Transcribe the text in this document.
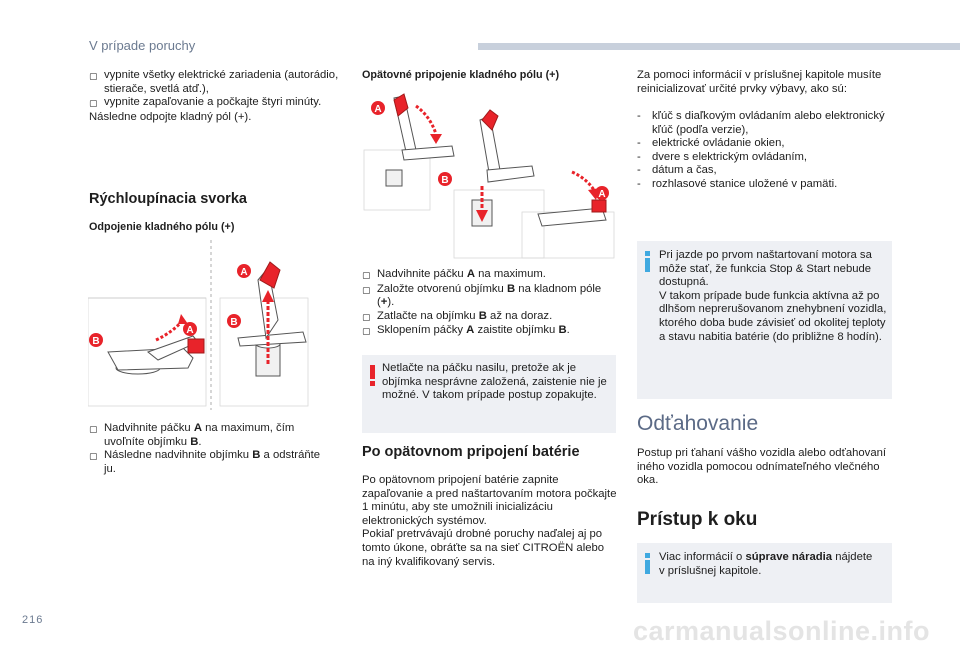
V prípade poruchy
▢ vypnite všetky elektrické zariadenia (autorádio, stierače, svetlá atď.),
▢ vypnite zapaľovanie a počkajte štyri minúty.
Následne odpojte kladný pól (+).
Rýchloupínacia svorka
Odpojenie kladného pólu (+)
B
A
A
B
▢ Nadvihnite páčku A na maximum, čím uvoľníte objímku B.
▢ Následne nadvihnite objímku B a odstráňte ju.
Opätovné pripojenie kladného pólu (+)
A
B
A
▢ Nadvihnite páčku A na maximum.
▢ Založte otvorenú objímku B na kladnom póle (+).
▢ Zatlačte na objímku B až na doraz.
▢ Sklopením páčky A zaistite objímku B.
Netlačte na páčku nasilu, pretože ak je objímka nesprávne založená, zaistenie nie je možné. V takom prípade postup zopakujte.
Po opätovnom pripojení batérie
Po opätovnom pripojení batérie zapnite zapaľovanie a pred naštartovaním motora počkajte 1 minútu, aby ste umožnili inicializáciu elektronických systémov.
Pokiaľ pretrvávajú drobné poruchy naďalej aj po tomto úkone, obráťte sa na sieť CITROËN alebo na iný kvalifikovaný servis.
Za pomoci informácií v príslušnej kapitole musíte reinicializovať určité prvky výbavy, ako sú:
- kľúč s diaľkovým ovládaním alebo elektronický kľúč (podľa verzie),
- elektrické ovládanie okien,
- dvere s elektrickým ovládaním,
- dátum a čas,
- rozhlasové stanice uložené v pamäti.
Pri jazde po prvom naštartovaní motora sa môže stať, že funkcia Stop & Start nebude dostupná.
V takom prípade bude funkcia aktívna až po dlhšom neprerušovanom znehybnení vozidla, ktorého doba bude závisieť od okolitej teploty a stavu nabitia batérie (do približne 8 hodín).
Odťahovanie
Postup pri ťahaní vášho vozidla alebo odťahovaní iného vozidla pomocou odnímateľného vlečného oka.
Prístup k oku
Viac informácií o súprave náradia nájdete v príslušnej kapitole.
216	carmanualsonline.info
